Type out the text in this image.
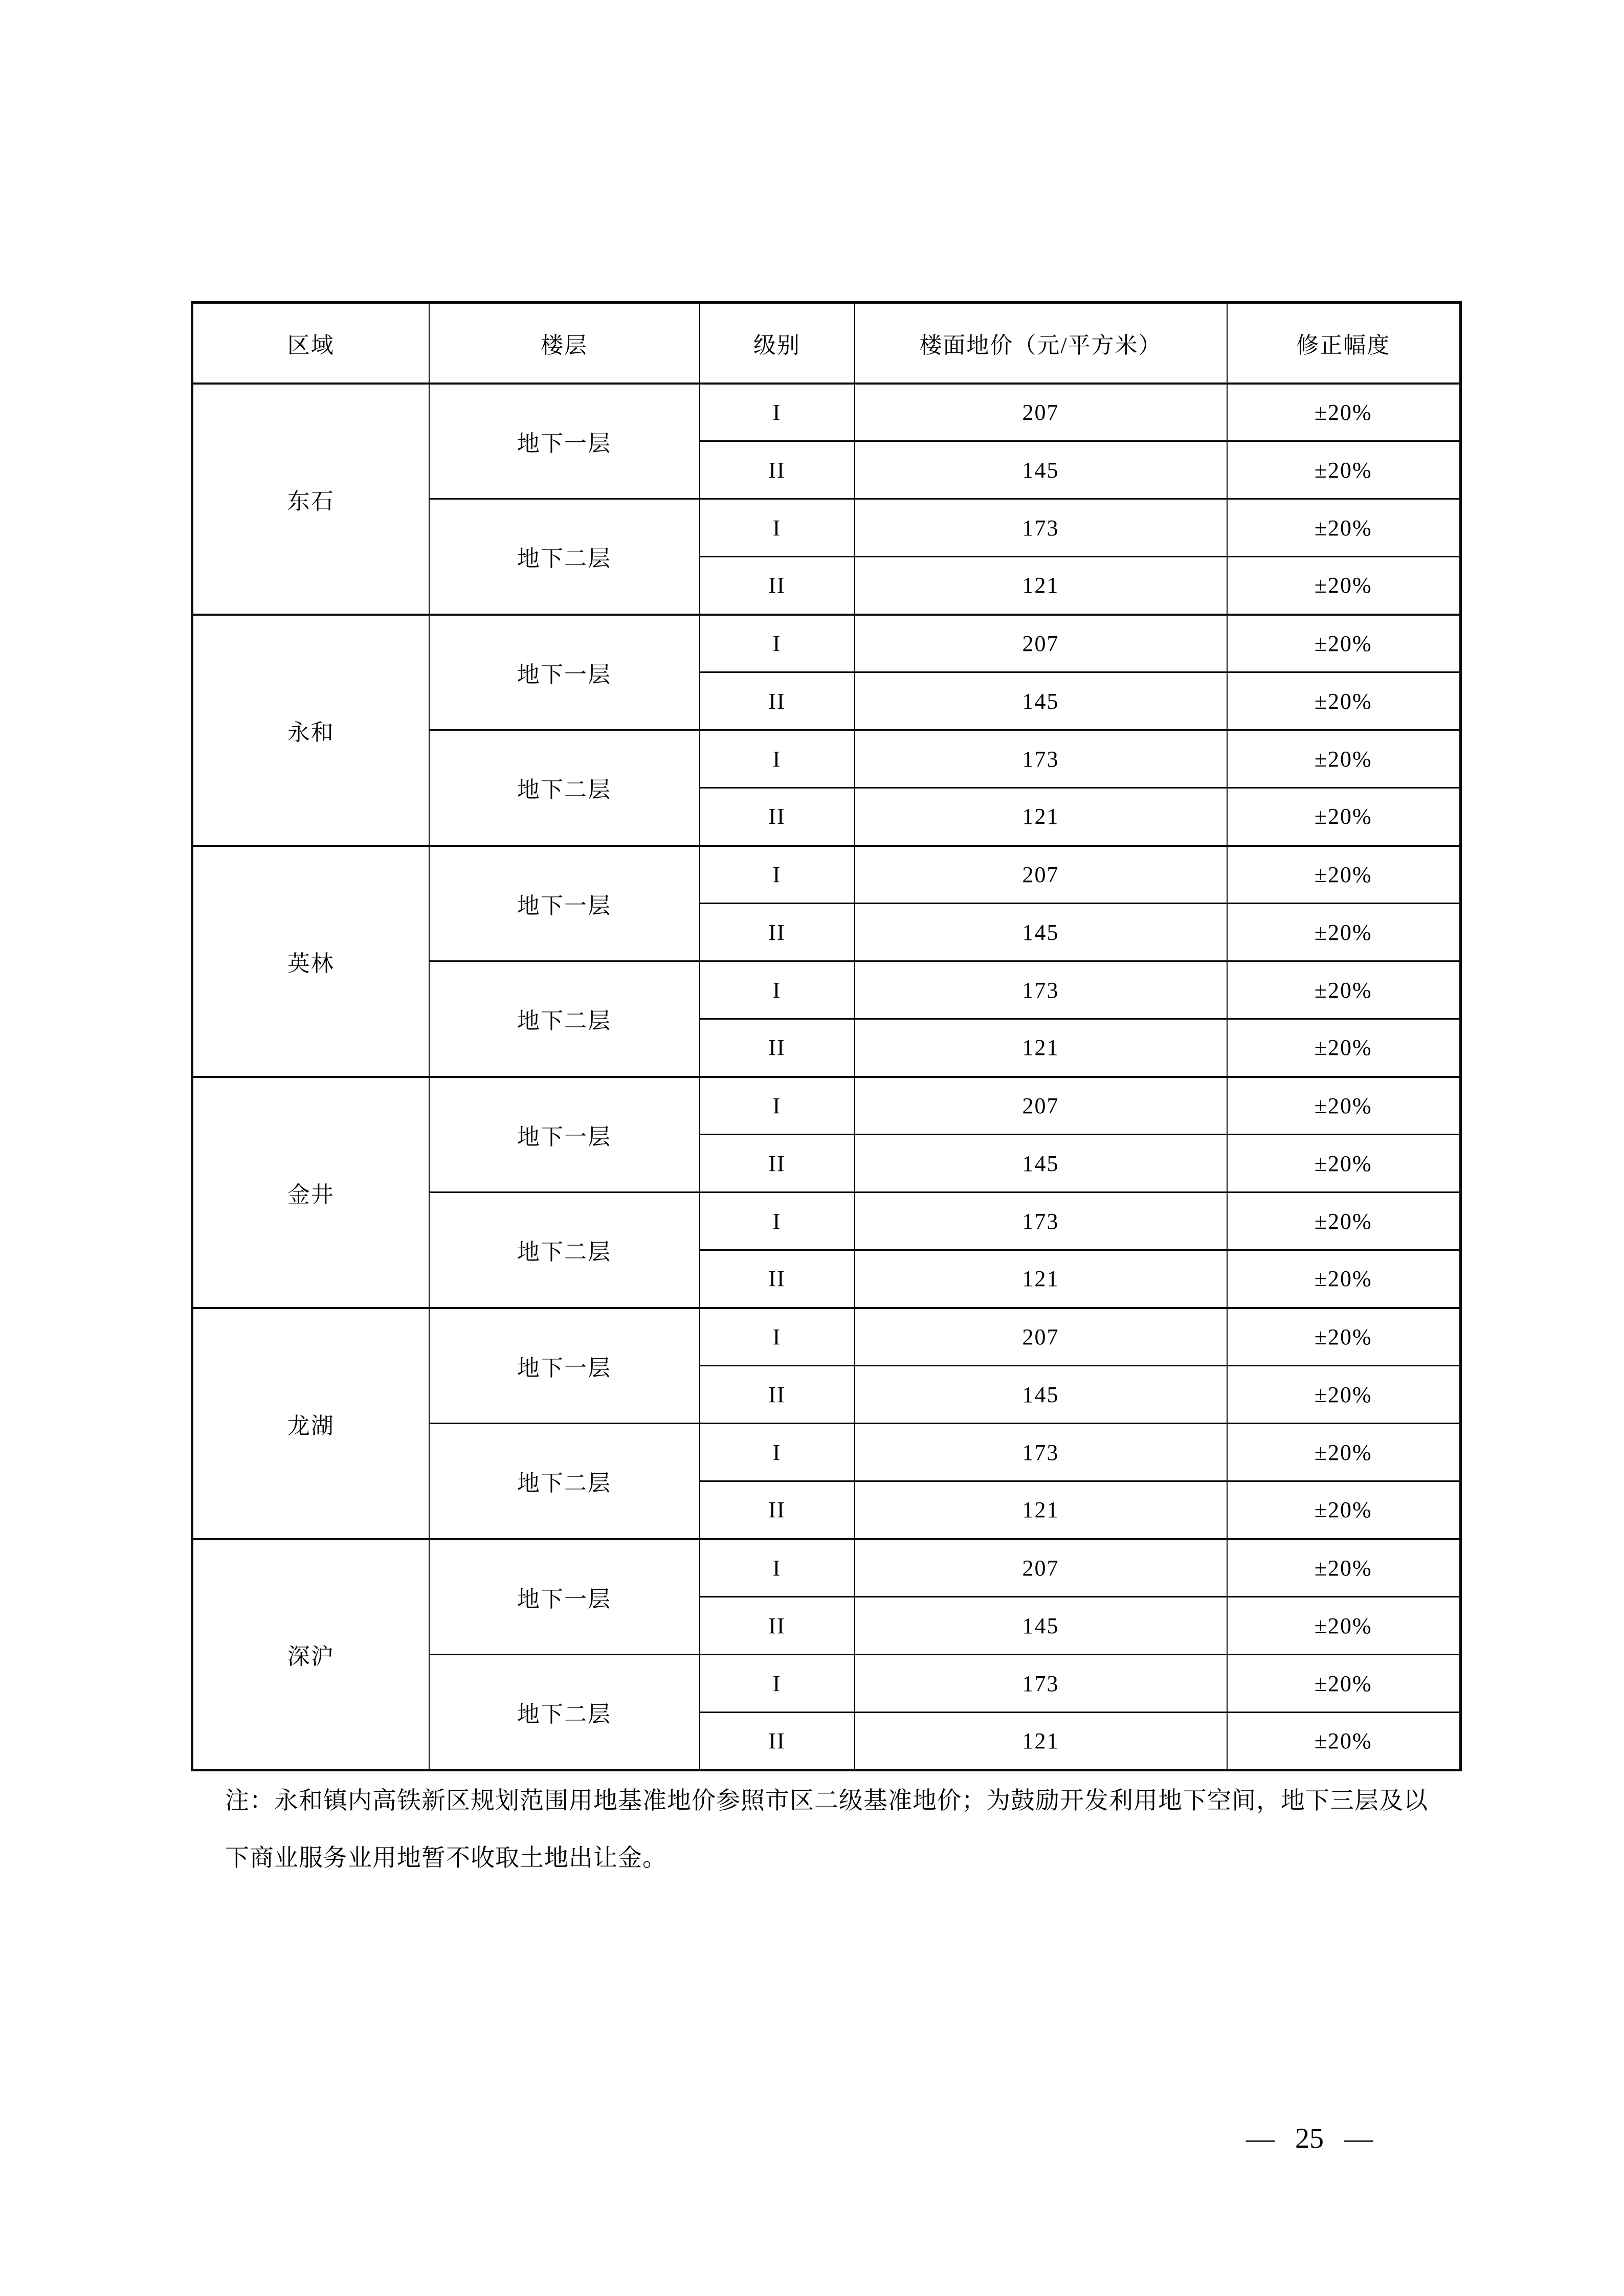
区域	楼层	级别	楼面地价（元/平方米）	修正幅度
东石	地下一层	I	207	±20%
		II	145	±20%
	地下二层	I	173	±20%
		II	121	±20%
永和	地下一层	I	207	±20%
		II	145	±20%
	地下二层	I	173	±20%
		II	121	±20%
英林	地下一层	I	207	±20%
		II	145	±20%
	地下二层	I	173	±20%
		II	121	±20%
金井	地下一层	I	207	±20%
		II	145	±20%
	地下二层	I	173	±20%
		II	121	±20%
龙湖	地下一层	I	207	±20%
		II	145	±20%
	地下二层	I	173	±20%
		II	121	±20%
深沪	地下一层	I	207	±20%
		II	145	±20%
	地下二层	I	173	±20%
		II	121	±20%
注：永和镇内高铁新区规划范围用地基准地价参照市区二级基准地价；为鼓励开发利用地下空间，地下三层及以
下商业服务业用地暂不收取土地出让金。
— 25 —
